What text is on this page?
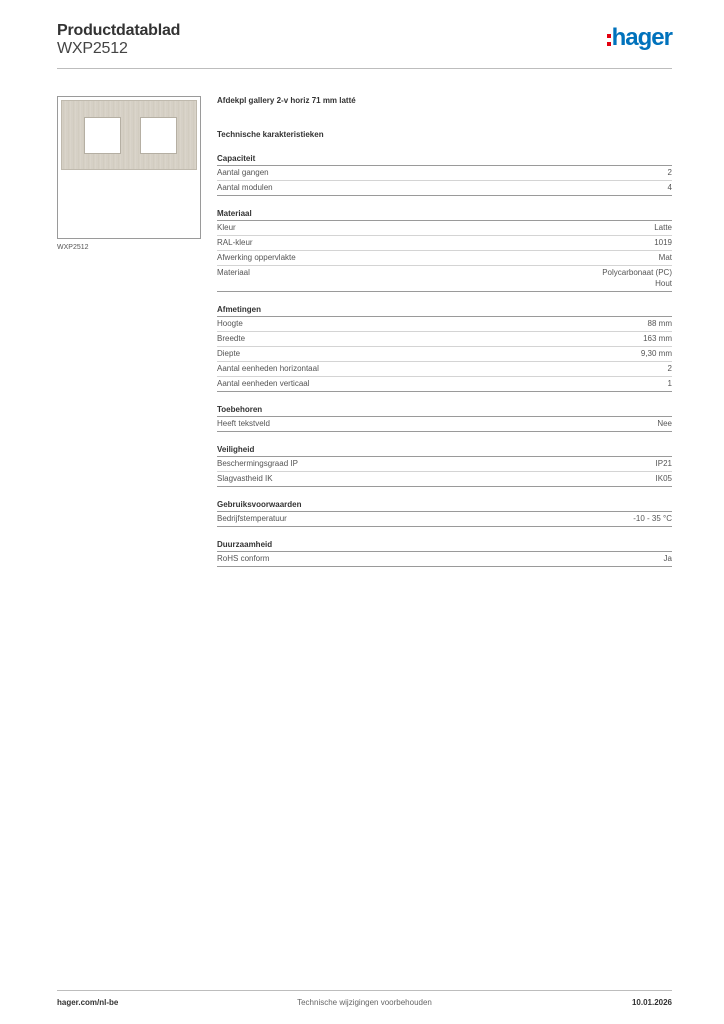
Productdatablad
WXP2512	hager
WXP2512
Afdekpl gallery 2-v horiz 71 mm latté
Technische karakteristieken
Capaciteit
Aantal gangen	2
Aantal modulen	4
Materiaal
Kleur	Latte
RAL-kleur	1019
Afwerking oppervlakte	Mat
Materiaal	Polycarbonaat (PC)
Hout
Afmetingen
Hoogte	88 mm
Breedte	163 mm
Diepte	9,30 mm
Aantal eenheden horizontaal	2
Aantal eenheden verticaal	1
Toebehoren
Heeft tekstveld	Nee
Veiligheid
Beschermingsgraad IP	IP21
Slagvastheid IK	IK05
Gebruiksvoorwaarden
Bedrijfstemperatuur	-10 - 35 °C
Duurzaamheid
RoHS conform	Ja
hager.com/nl-be	Technische wijzigingen voorbehouden	10.01.2026
